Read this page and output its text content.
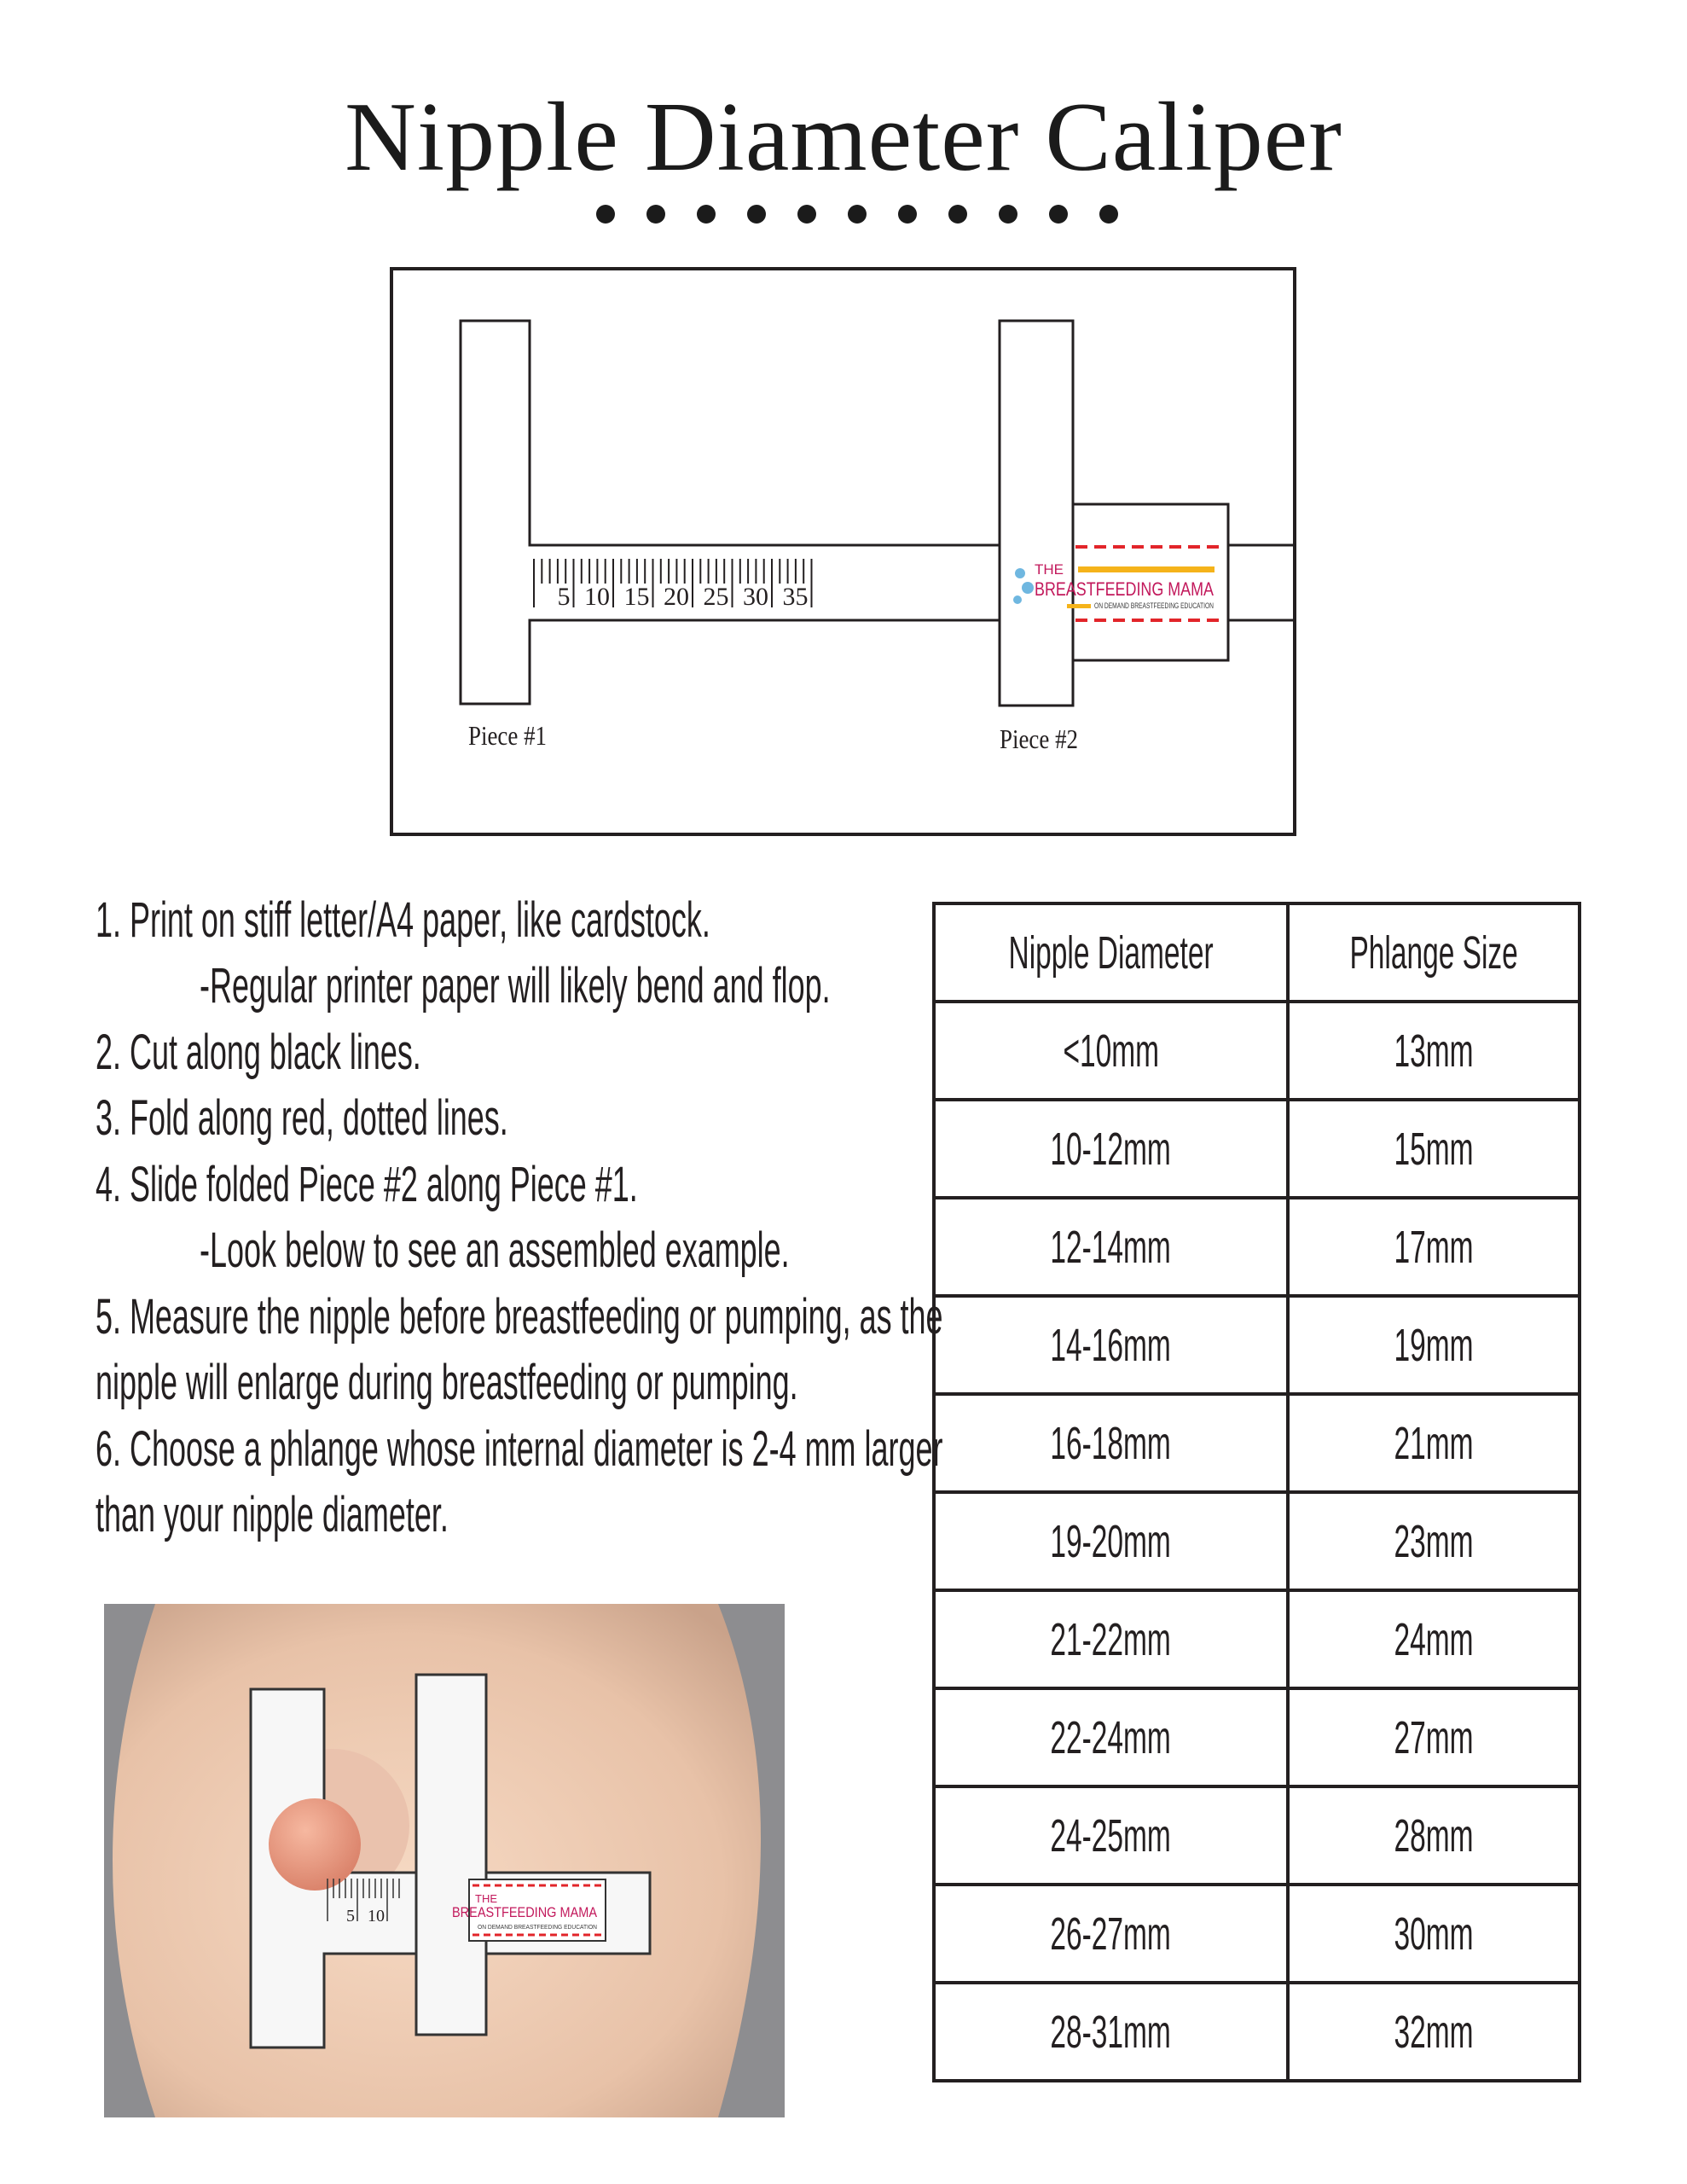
Nipple Diameter Caliper
5 10 15 20 25 30 35
THE
BREASTFEEDING MAMA
ON DEMAND BREASTFEEDING EDUCATION
Piece #1	Piece #2
1. Print on stiff letter/A4 paper, like cardstock.
-Regular printer paper will likely bend and flop.
2. Cut along black lines.
3. Fold along red, dotted lines.
4. Slide folded Piece #2 along Piece #1.
-Look below to see an assembled example.
5. Measure the nipple before breastfeeding or pumping, as the
nipple will enlarge during breastfeeding or pumping.
6. Choose a phlange whose internal diameter is 2-4 mm larger
than your nipple diameter.
5 10
THE
BREASTFEEDING MAMA
ON DEMAND BREASTFEEDING EDUCATION
Nipple Diameter	Phlange Size
<10mm	13mm
10-12mm	15mm
12-14mm	17mm
14-16mm	19mm
16-18mm	21mm
19-20mm	23mm
21-22mm	24mm
22-24mm	27mm
24-25mm	28mm
26-27mm	30mm
28-31mm	32mm
